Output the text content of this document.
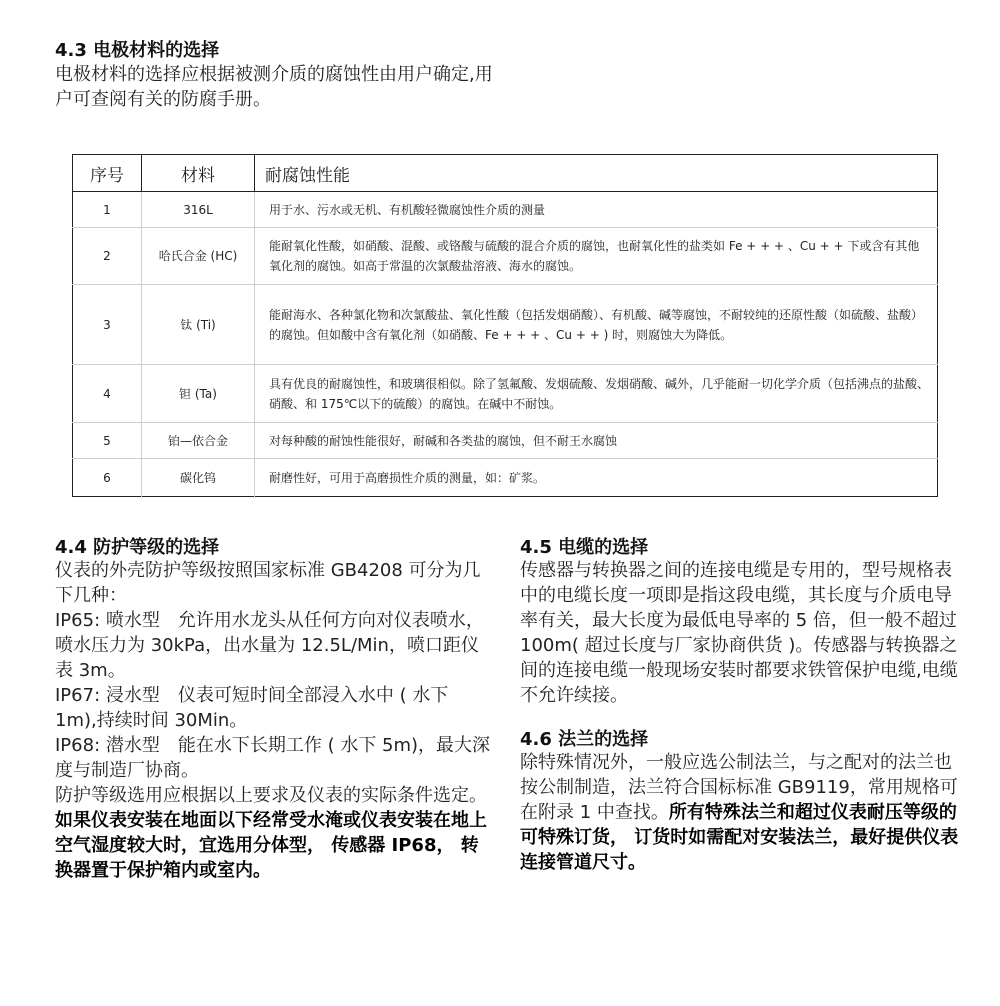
4.3 电极材料的选择
电极材料的选择应根据被测介质的腐蚀性由用户确定,用户可查阅有关的防腐手册。
序号	材料	耐腐蚀性能
1	316L	用于水、污水或无机、有机酸轻微腐蚀性介质的测量
2	哈氏合金 (HC)	能耐氧化性酸，如硝酸、混酸、或铬酸与硫酸的混合介质的腐蚀，也耐氧化性的盐类如 Fe + + + 、Cu + + 下或含有其他氧化剂的腐蚀。如高于常温的次氯酸盐溶液、海水的腐蚀。
3	钛 (Ti)	能耐海水、各种氯化物和次氯酸盐、氧化性酸（包括发烟硝酸）、有机酸、碱等腐蚀，不耐较纯的还原性酸（如硫酸、盐酸）的腐蚀。但如酸中含有氧化剂（如硝酸、Fe + + + 、Cu + + ) 时，则腐蚀大为降低。
4	钽 (Ta)	具有优良的耐腐蚀性，和玻璃很相似。除了氢氟酸、发烟硫酸、发烟硝酸、碱外，几乎能耐一切化学介质（包括沸点的盐酸、硝酸、和 175℃以下的硫酸）的腐蚀。在碱中不耐蚀。
5	铂—依合金	对每种酸的耐蚀性能很好，耐碱和各类盐的腐蚀，但不耐王水腐蚀
6	碳化钨	耐磨性好，可用于高磨损性介质的测量，如：矿浆。
4.4 防护等级的选择
仪表的外壳防护等级按照国家标准 GB4208 可分为几下几种：
IP65: 喷水型　允许用水龙头从任何方向对仪表喷水，喷水压力为 30kPa，出水量为 12.5L/Min，喷口距仪表 3m。
IP67: 浸水型　仪表可短时间全部浸入水中 ( 水下 1m),持续时间 30Min。
IP68: 潜水型　能在水下长期工作 ( 水下 5m)，最大深度与制造厂协商。
防护等级选用应根据以上要求及仪表的实际条件选定。如果仪表安装在地面以下经常受水淹或仪表安装在地上空气湿度较大时，宜选用分体型， 传感器 IP68， 转换器置于保护箱内或室内。
4.5 电缆的选择
传感器与转换器之间的连接电缆是专用的，型号规格表中的电缆长度一项即是指这段电缆，其长度与介质电导率有关，最大长度为最低电导率的 5 倍，但一般不超过 100m( 超过长度与厂家协商供货 )。传感器与转换器之间的连接电缆一般现场安装时都要求铁管保护电缆,电缆不允许续接。
4.6 法兰的选择
除特殊情况外，一般应选公制法兰，与之配对的法兰也按公制制造，法兰符合国标标准 GB9119，常用规格可在附录 1 中查找。所有特殊法兰和超过仪表耐压等级的可特殊订货， 订货时如需配对安装法兰，最好提供仪表连接管道尺寸。
